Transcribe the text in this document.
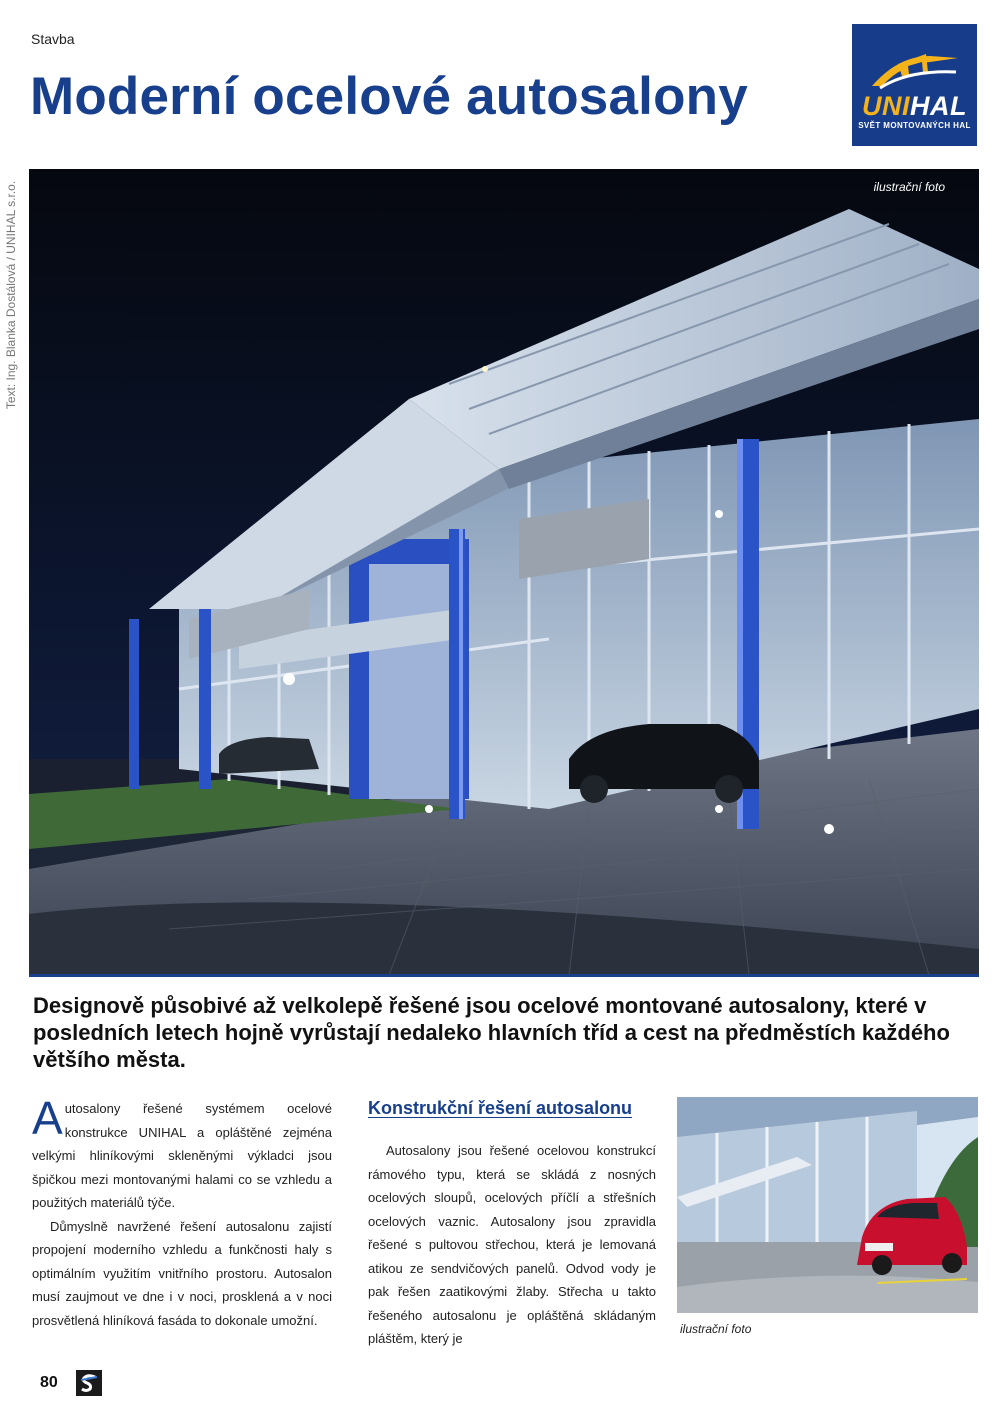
Stavba
Moderní ocelové autosalony	UNIHAL
SVĚT MONTOVANÝCH HAL
Text: Ing. Blanka Dostálová / UNIHAL s.r.o.	ilustrační foto

Designově působivé až velkolepě řešené jsou ocelové montované autosalony, které v posledních letech hojně vyrůstají nedaleko hlavních tříd a cest na předměstích každého většího města.

Autosalony řešené systémem ocelové konstrukce UNIHAL a opláštěné zejména velkými hliníkovými skleněnými výkladci jsou špičkou mezi montovanými halami co se vzhledu a použitých materiálů týče.

Důmyslně navržené řešení autosalonu zajistí propojení moderního vzhledu a funkčnosti haly s optimálním využitím vnitřního prostoru. Autosalon musí zaujmout ve dne i v noci, prosklená a v noci prosvětlená hliníková fasáda to dokonale umožní.

Konstrukční řešení autosalonu

Autosalony jsou řešené ocelovou konstrukcí rámového typu, která se skládá z nosných ocelových sloupů, ocelových příčlí a střešních ocelových vaznic. Autosalony jsou zpravidla řešené s pultovou střechou, která je lemovaná atikou ze sendvičových panelů. Odvod vody je pak řešen zaatikovými žlaby. Střecha u takto řešeného autosalonu je opláštěná skládaným pláštěm, který je

ilustrační foto
80
